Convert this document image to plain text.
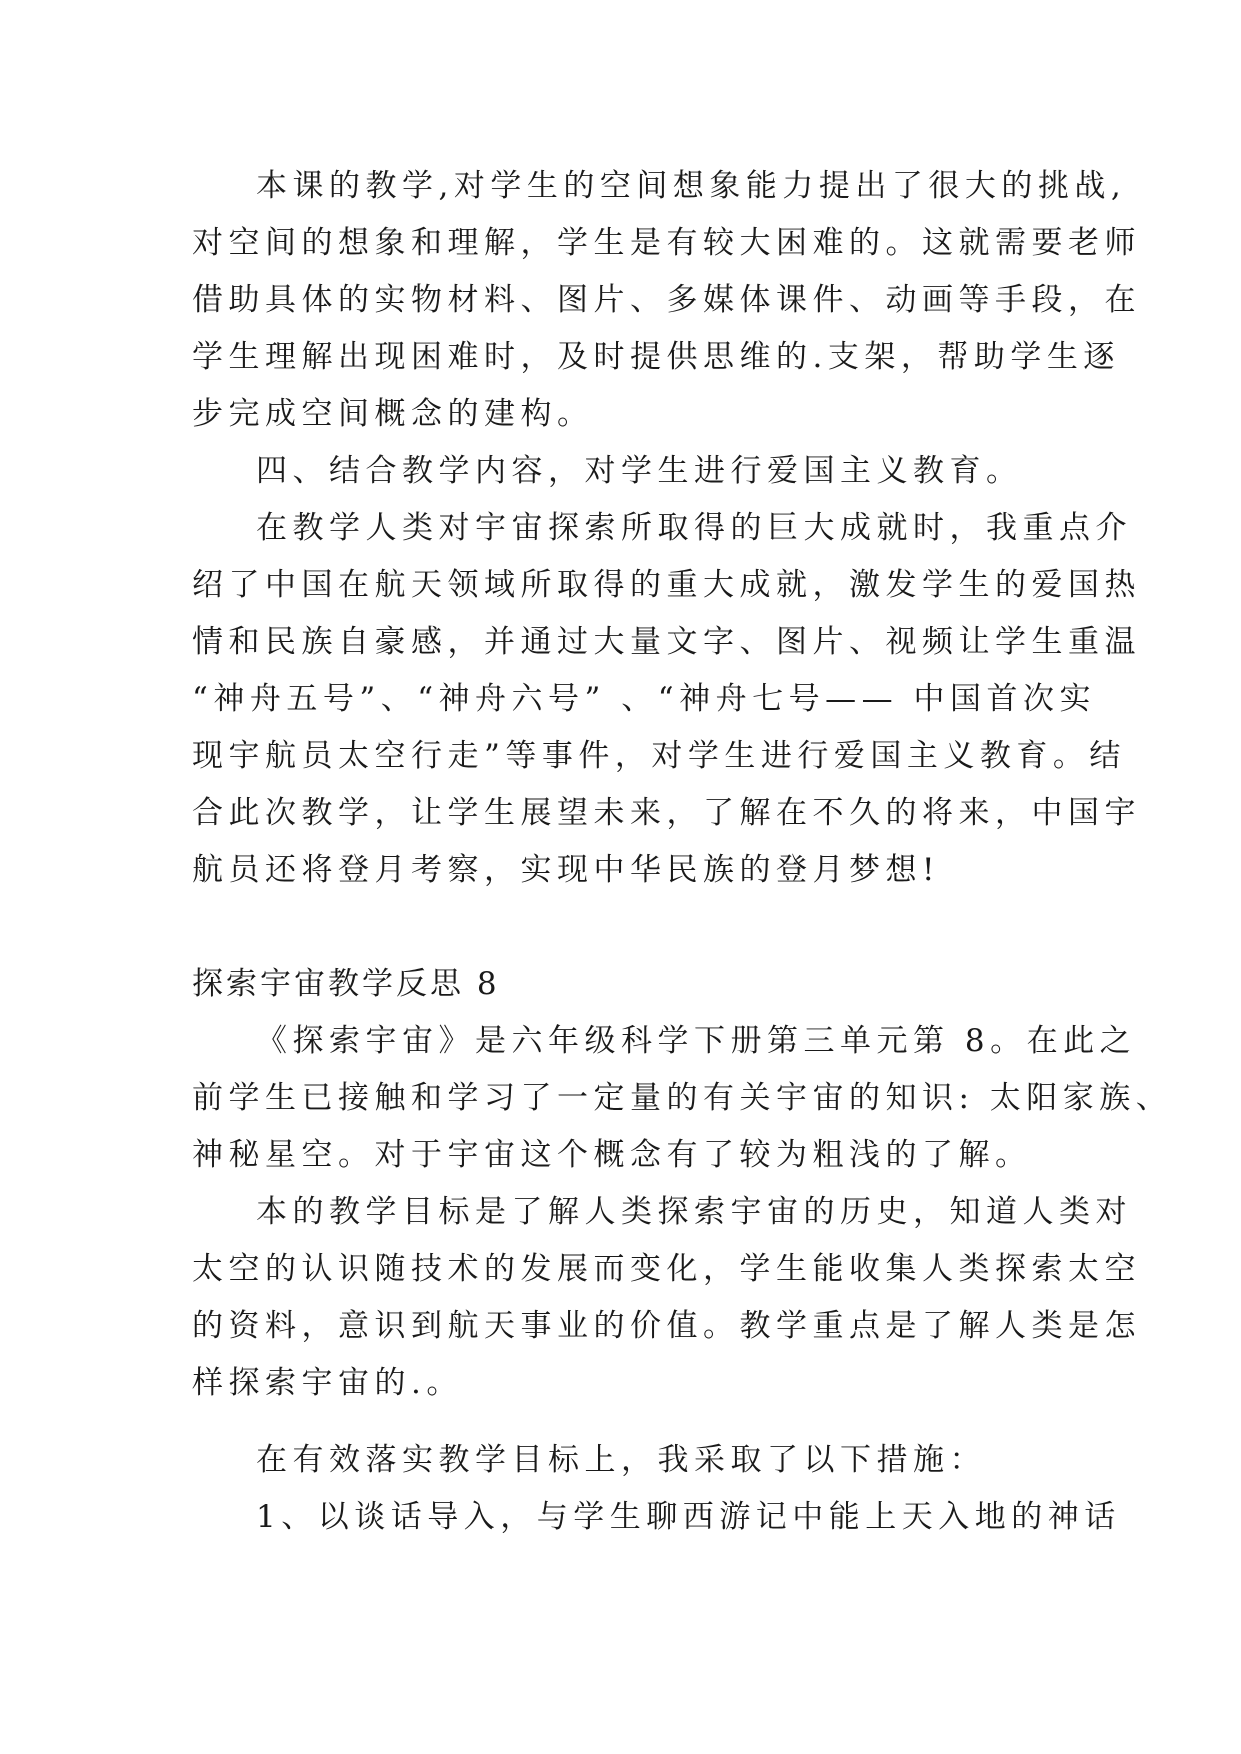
本课的教学,对学生的空间想象能力提出了很大的挑战,
对空间的想象和理解，学生是有较大困难的。这就需要老师
借助具体的实物材料、图片、多媒体课件、动画等手段，在
学生理解出现困难时，及时提供思维的.支架，帮助学生逐
步完成空间概念的建构。
四、结合教学内容，对学生进行爱国主义教育。
在教学人类对宇宙探索所取得的巨大成就时，我重点介
绍了中国在航天领域所取得的重大成就，激发学生的爱国热
情和民族自豪感，并通过大量文字、图片、视频让学生重温
“神舟五号”、“神舟六号” 、“神舟七号—— 中国首次实
现宇航员太空行走”等事件，对学生进行爱国主义教育。结
合此次教学，让学生展望未来，了解在不久的将来，中国宇
航员还将登月考察，实现中华民族的登月梦想!
探索宇宙教学反思 8
《探索宇宙》是六年级科学下册第三单元第 8。在此之
前学生已接触和学习了一定量的有关宇宙的知识: 太阳家族、
神秘星空。对于宇宙这个概念有了较为粗浅的了解。
本的教学目标是了解人类探索宇宙的历史，知道人类对
太空的认识随技术的发展而变化，学生能收集人类探索太空
的资料，意识到航天事业的价值。教学重点是了解人类是怎
样探索宇宙的.。
在有效落实教学目标上，我采取了以下措施：
1、以谈话导入，与学生聊西游记中能上天入地的神话
